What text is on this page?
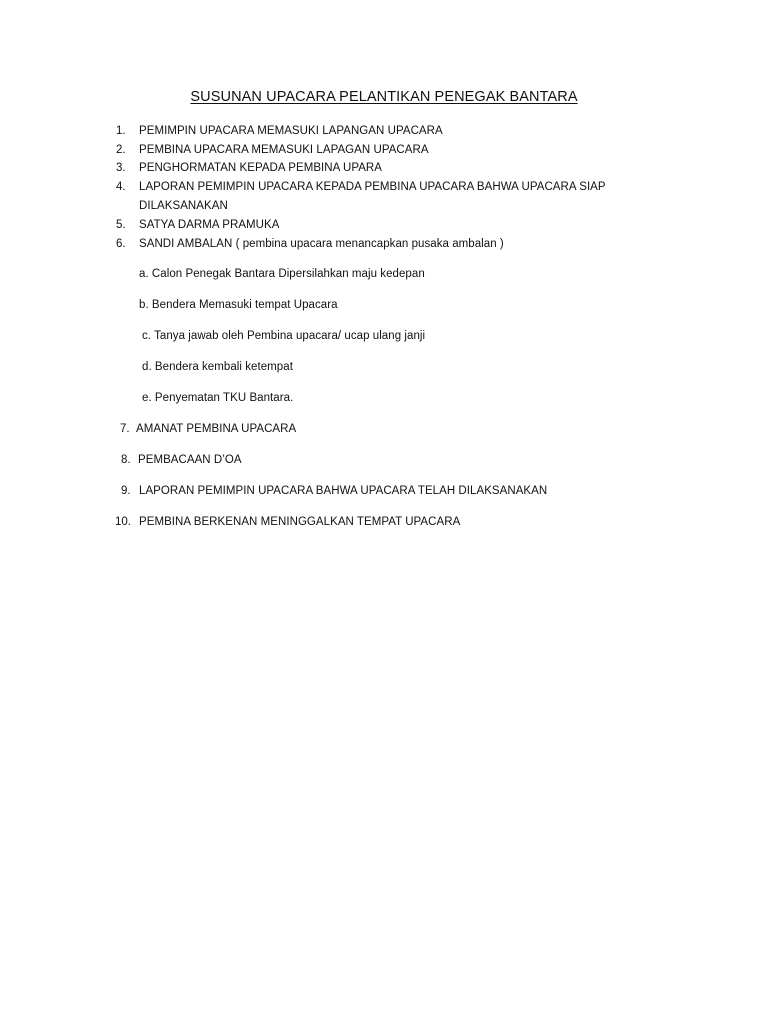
SUSUNAN UPACARA PELANTIKAN PENEGAK BANTARA
1. PEMIMPIN UPACARA MEMASUKI LAPANGAN UPACARA
2. PEMBINA UPACARA MEMASUKI LAPAGAN UPACARA
3. PENGHORMATAN KEPADA PEMBINA UPARA
4. LAPORAN PEMIMPIN UPACARA KEPADA PEMBINA UPACARA BAHWA UPACARA SIAP
DILAKSANAKAN
5. SATYA DARMA PRAMUKA
6. SANDI AMBALAN ( pembina upacara menancapkan pusaka ambalan )
a. Calon Penegak Bantara Dipersilahkan maju kedepan
b. Bendera Memasuki tempat Upacara
c. Tanya jawab oleh Pembina upacara/ ucap ulang janji
d. Bendera kembali ketempat
e. Penyematan TKU Bantara.
7. AMANAT PEMBINA UPACARA
8. PEMBACAAN D’OA
9. LAPORAN PEMIMPIN UPACARA BAHWA UPACARA TELAH DILAKSANAKAN
10. PEMBINA BERKENAN MENINGGALKAN TEMPAT UPACARA
